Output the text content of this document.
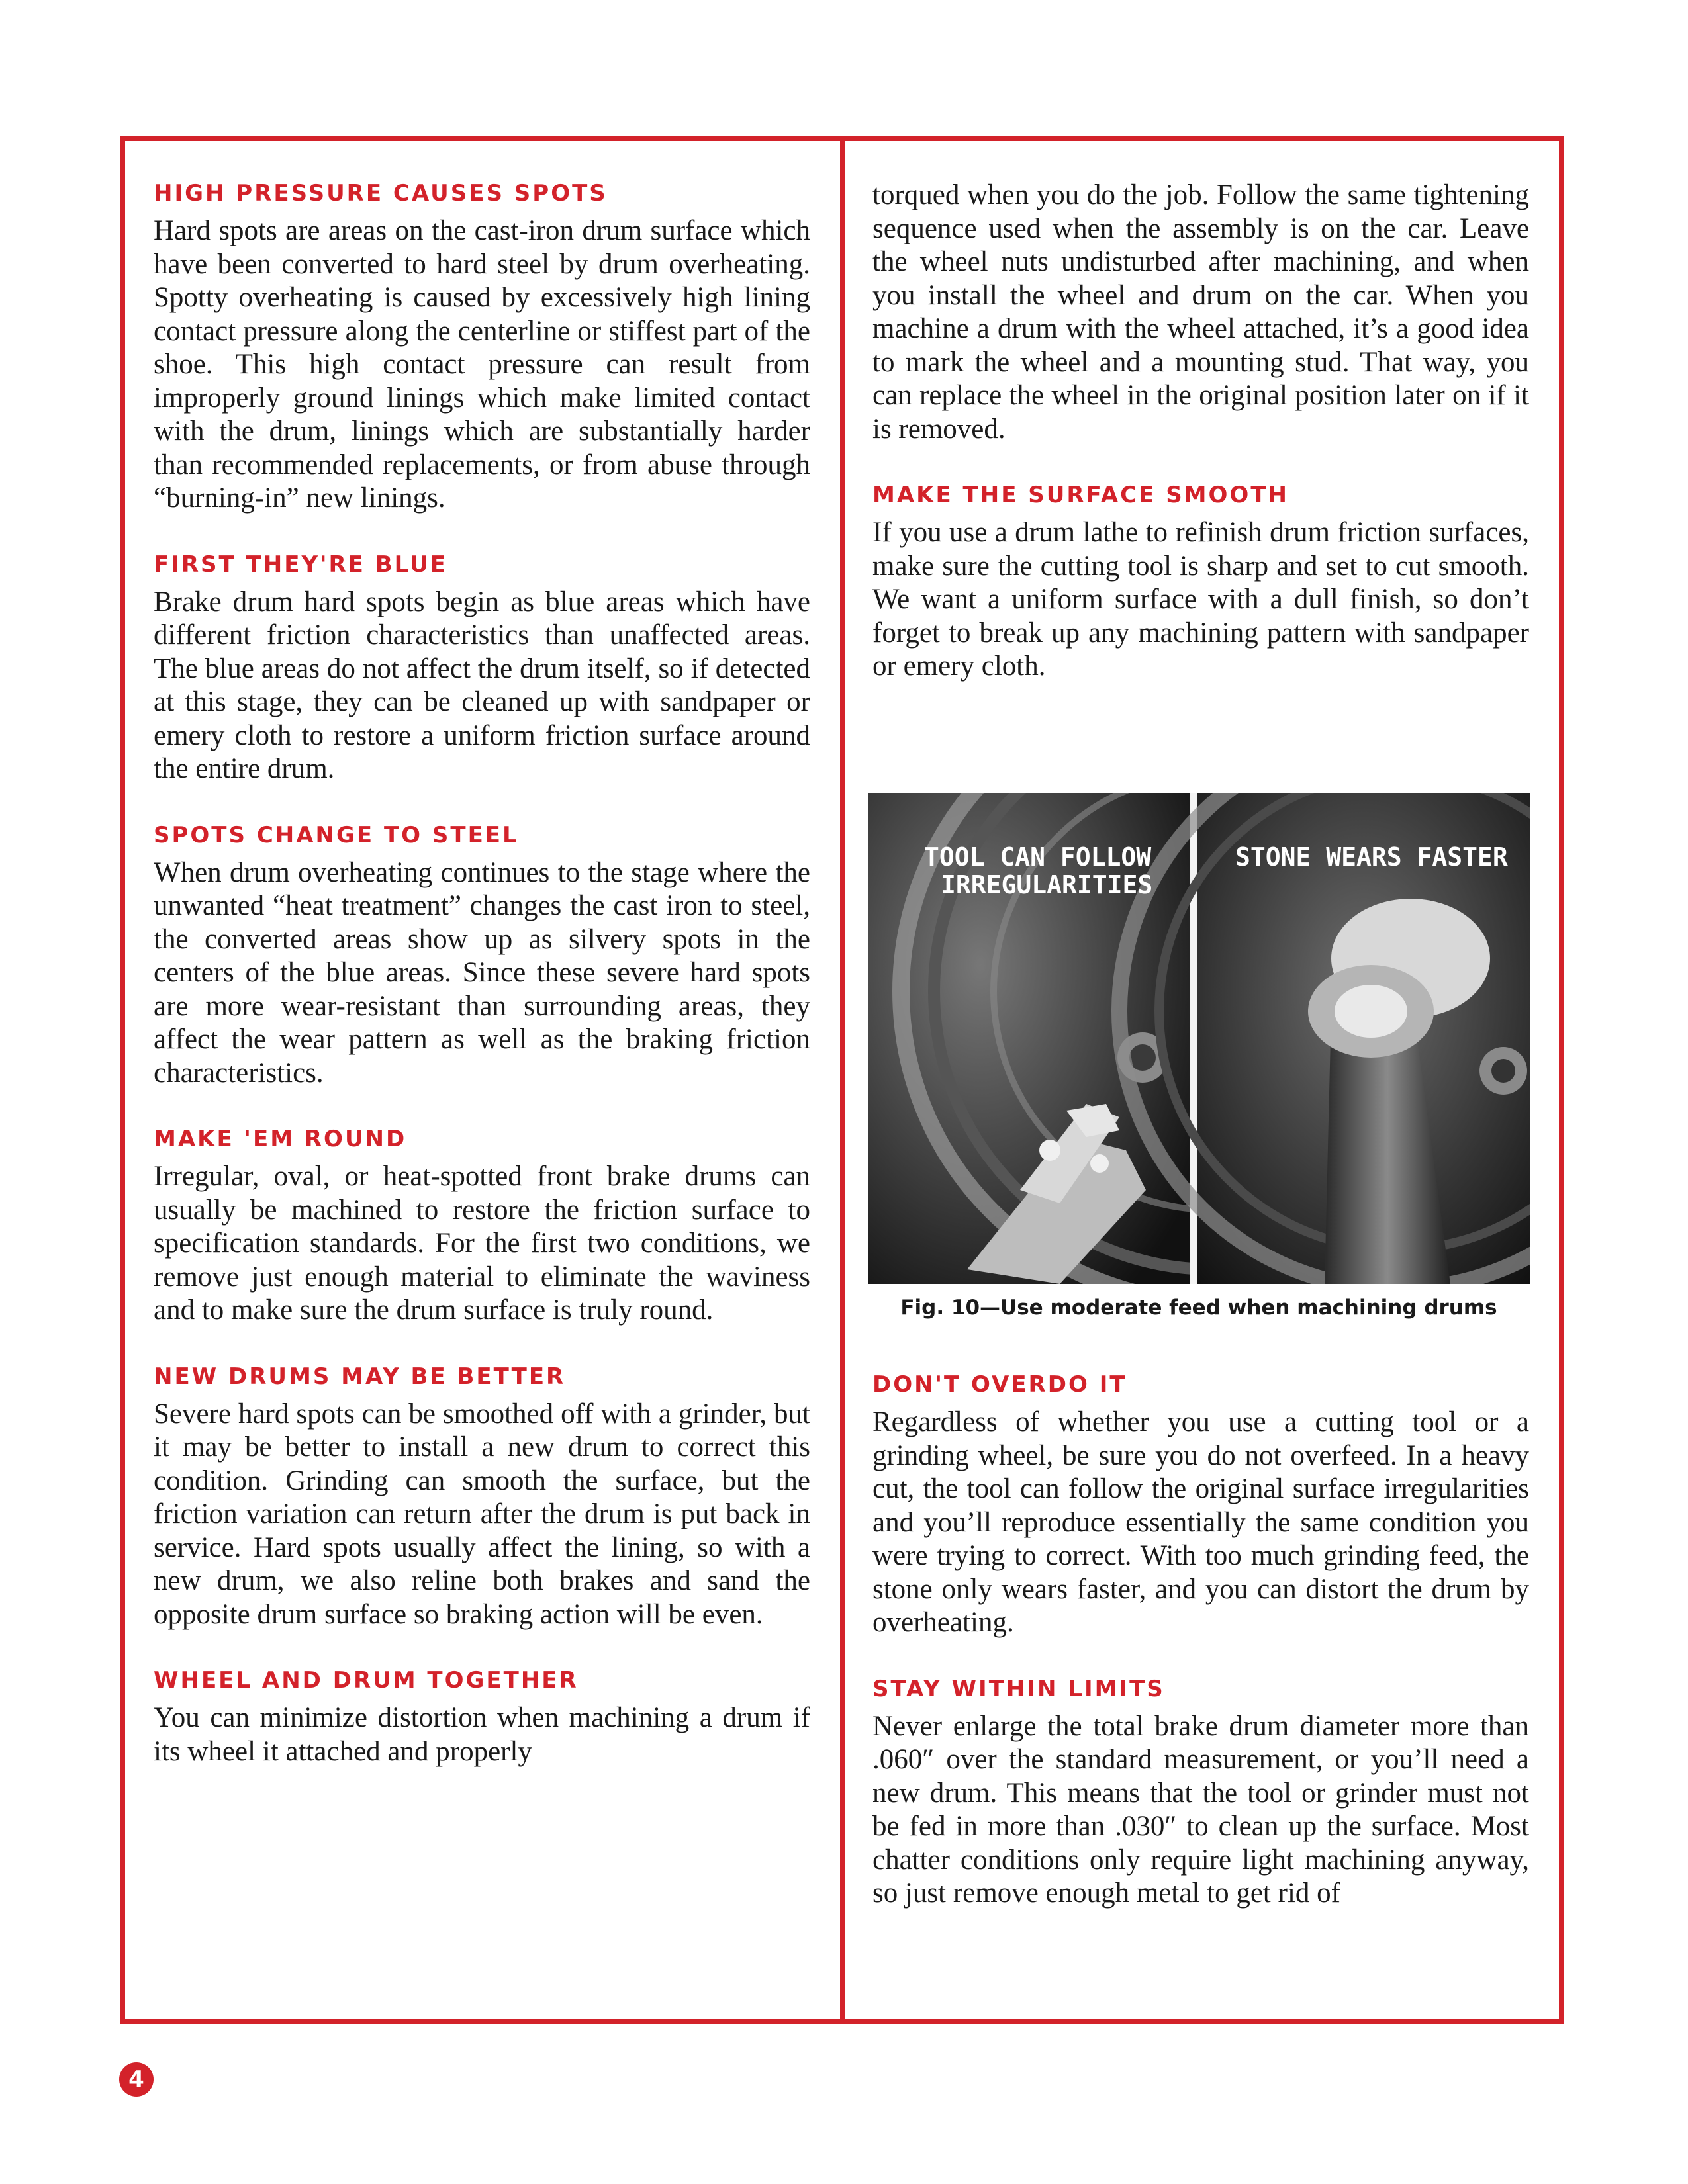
HIGH PRESSURE CAUSES SPOTS

Hard spots are areas on the cast-iron drum surface which have been converted to hard steel by drum overheating. Spotty overheating is caused by excessively high lining contact pressure along the centerline or stiffest part of the shoe. This high contact pressure can result from improperly ground linings which make limited contact with the drum, linings which are substantially harder than recommended replacements, or from abuse through “burning-in” new linings.

FIRST THEY'RE BLUE

Brake drum hard spots begin as blue areas which have different friction characteristics than unaffected areas. The blue areas do not affect the drum itself, so if detected at this stage, they can be cleaned up with sandpaper or emery cloth to restore a uniform friction surface around the entire drum.

SPOTS CHANGE TO STEEL

When drum overheating continues to the stage where the unwanted “heat treatment” changes the cast iron to steel, the converted areas show up as silvery spots in the centers of the blue areas. Since these severe hard spots are more wear-resistant than surrounding areas, they affect the wear pattern as well as the braking friction characteristics.

MAKE 'EM ROUND

Irregular, oval, or heat-spotted front brake drums can usually be machined to restore the friction surface to specification standards. For the first two conditions, we remove just enough material to eliminate the waviness and to make sure the drum surface is truly round.

NEW DRUMS MAY BE BETTER

Severe hard spots can be smoothed off with a grinder, but it may be better to install a new drum to correct this condition. Grinding can smooth the surface, but the friction variation can return after the drum is put back in service. Hard spots usually affect the lining, so with a new drum, we also reline both brakes and sand the opposite drum surface so braking action will be even.

WHEEL AND DRUM TOGETHER

You can minimize distortion when machining a drum if its wheel it attached and properly

torqued when you do the job. Follow the same tightening sequence used when the assembly is on the car. Leave the wheel nuts undisturbed after machining, and when you install the wheel and drum on the car. When you machine a drum with the wheel attached, it’s a good idea to mark the wheel and a mounting stud. That way, you can replace the wheel in the original position later on if it is removed.

MAKE THE SURFACE SMOOTH

If you use a drum lathe to refinish drum friction surfaces, make sure the cutting tool is sharp and set to cut smooth. We want a uniform surface with a dull finish, so don’t forget to break up any machining pattern with sandpaper or emery cloth.

TOOL CAN FOLLOW
IRREGULARITIES
STONE WEARS FASTER
Fig. 10—Use moderate feed when machining drums
DON'T OVERDO IT

Regardless of whether you use a cutting tool or a grinding wheel, be sure you do not overfeed. In a heavy cut, the tool can follow the original surface irregularities and you’ll reproduce essentially the same condition you were trying to correct. With too much grinding feed, the stone only wears faster, and you can distort the drum by overheating.

STAY WITHIN LIMITS

Never enlarge the total brake drum diameter more than .060″ over the standard measurement, or you’ll need a new drum. This means that the tool or grinder must not be fed in more than .030″ to clean up the surface. Most chatter conditions only require light machining anyway, so just remove enough metal to get rid of

4
